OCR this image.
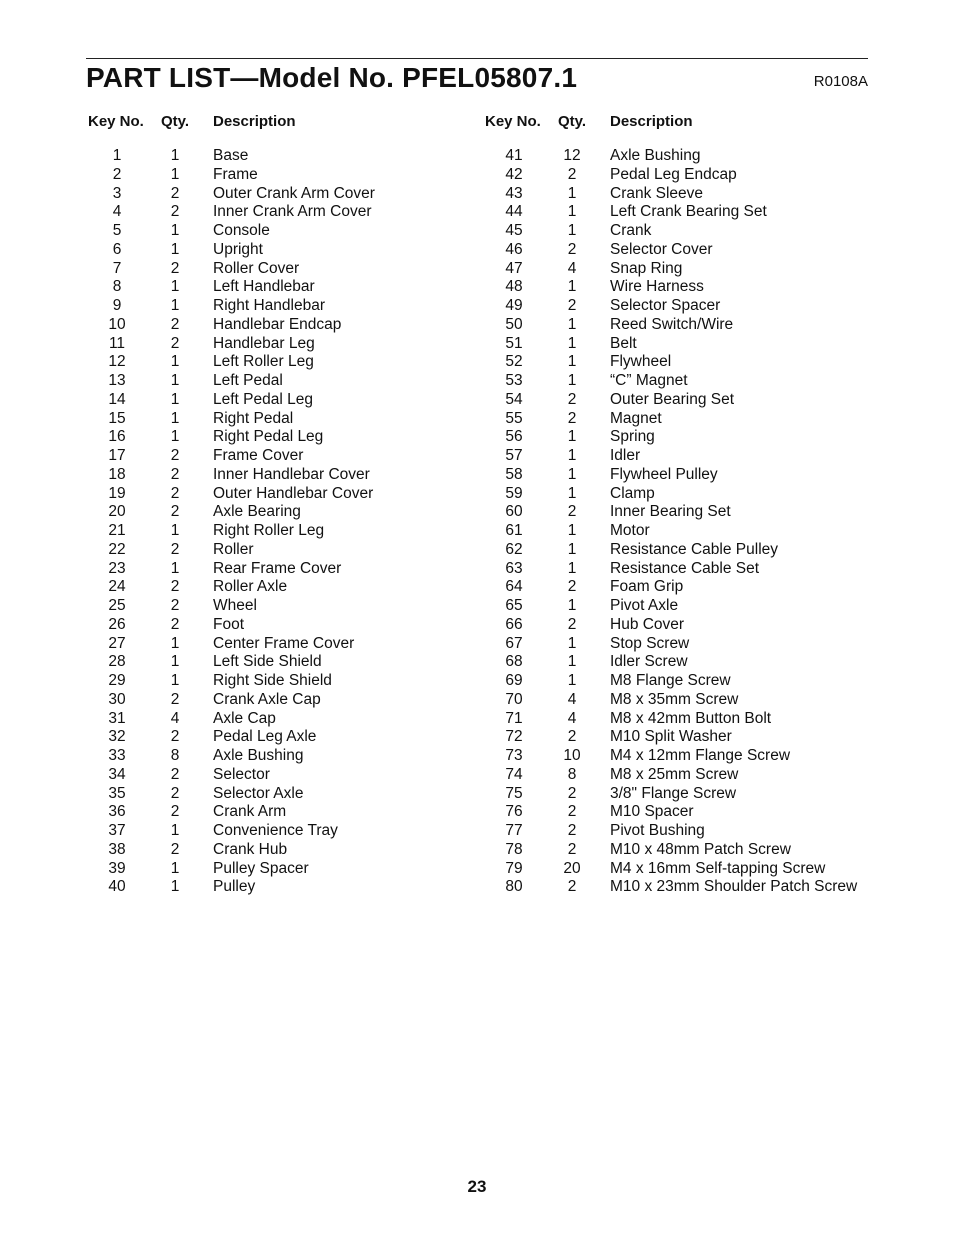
PART LIST—Model No. PFEL05807.1	R0108A
Key No. Qty. Description	Key No. Qty. Description
1	1	Base
2	1	Frame
3	2	Outer Crank Arm Cover
4	2	Inner Crank Arm Cover
5	1	Console
6	1	Upright
7	2	Roller Cover
8	1	Left Handlebar
9	1	Right Handlebar
10	2	Handlebar Endcap
11	2	Handlebar Leg
12	1	Left Roller Leg
13	1	Left Pedal
14	1	Left Pedal Leg
15	1	Right Pedal
16	1	Right Pedal Leg
17	2	Frame Cover
18	2	Inner Handlebar Cover
19	2	Outer Handlebar Cover
20	2	Axle Bearing
21	1	Right Roller Leg
22	2	Roller
23	1	Rear Frame Cover
24	2	Roller Axle
25	2	Wheel
26	2	Foot
27	1	Center Frame Cover
28	1	Left Side Shield
29	1	Right Side Shield
30	2	Crank Axle Cap
31	4	Axle Cap
32	2	Pedal Leg Axle
33	8	Axle Bushing
34	2	Selector
35	2	Selector Axle
36	2	Crank Arm
37	1	Convenience Tray
38	2	Crank Hub
39	1	Pulley Spacer
40	1	Pulley
41	12	Axle Bushing
42	2	Pedal Leg Endcap
43	1	Crank Sleeve
44	1	Left Crank Bearing Set
45	1	Crank
46	2	Selector Cover
47	4	Snap Ring
48	1	Wire Harness
49	2	Selector Spacer
50	1	Reed Switch/Wire
51	1	Belt
52	1	Flywheel
53	1	“C” Magnet
54	2	Outer Bearing Set
55	2	Magnet
56	1	Spring
57	1	Idler
58	1	Flywheel Pulley
59	1	Clamp
60	2	Inner Bearing Set
61	1	Motor
62	1	Resistance Cable Pulley
63	1	Resistance Cable Set
64	2	Foam Grip
65	1	Pivot Axle
66	2	Hub Cover
67	1	Stop Screw
68	1	Idler Screw
69	1	M8 Flange Screw
70	4	M8 x 35mm Screw
71	4	M8 x 42mm Button Bolt
72	2	M10 Split Washer
73	10	M4 x 12mm Flange Screw
74	8	M8 x 25mm Screw
75	2	3/8" Flange Screw
76	2	M10 Spacer
77	2	Pivot Bushing
78	2	M10 x 48mm Patch Screw
79	20	M4 x 16mm Self-tapping Screw
80	2	M10 x 23mm Shoulder Patch Screw
23
